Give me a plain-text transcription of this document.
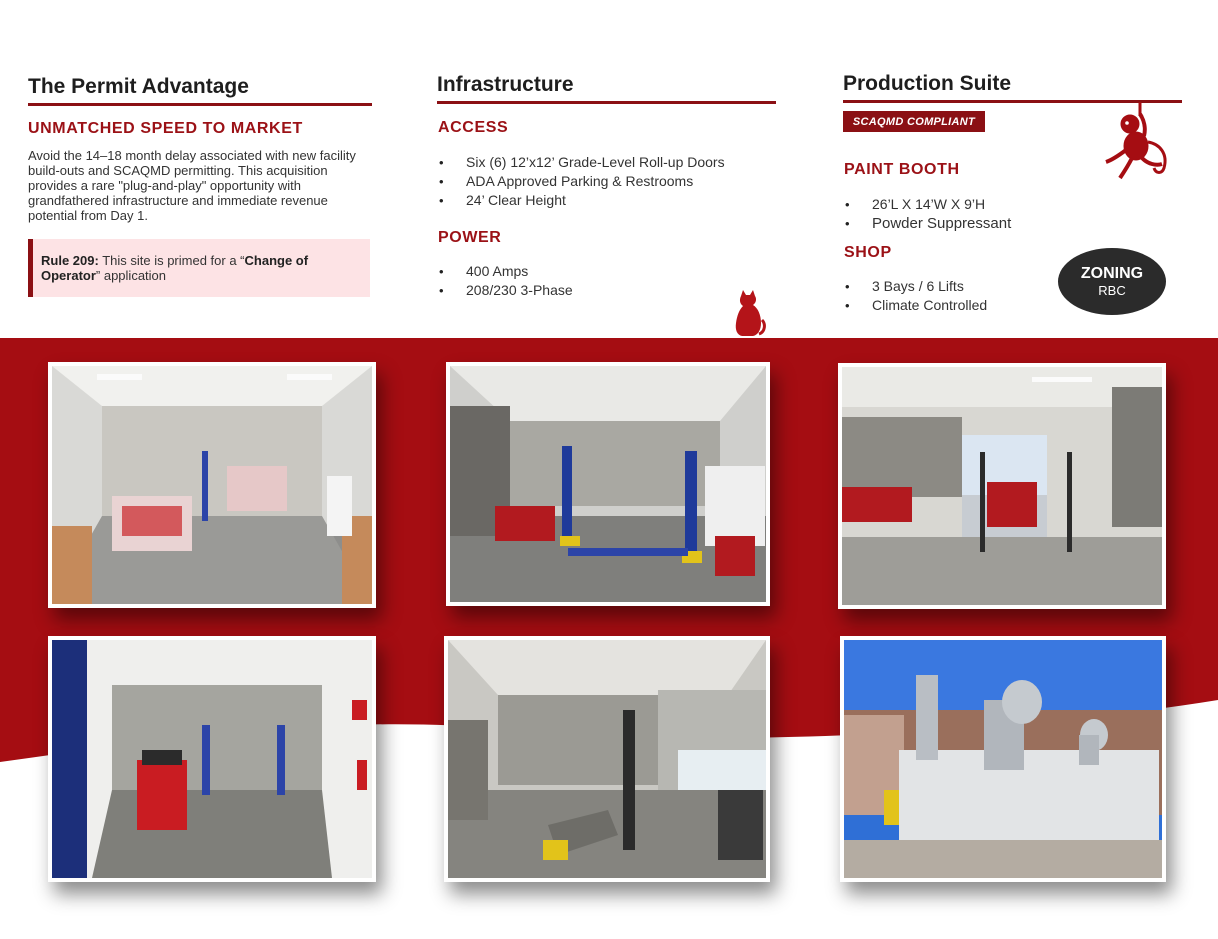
The Permit Advantage
UNMATCHED SPEED TO MARKET
Avoid the 14–18 month delay associated with new facility
build-outs and SCAQMD permitting. This acquisition
provides a rare "plug-and-play" opportunity with
grandfathered infrastructure and immediate revenue
potential from Day 1.
Rule 209: This site is primed for a “Change of
Operator” application
Infrastructure
ACCESS
• Six (6) 12’x12’ Grade-Level Roll-up Doors
• ADA Approved Parking & Restrooms
• 24’ Clear Height
POWER
• 400 Amps
• 208/230 3-Phase
Production Suite
SCAQMD COMPLIANT
PAINT BOOTH
• 26’L X 14’W X 9’H
• Powder Suppressant
SHOP
• 3 Bays / 6 Lifts
• Climate Controlled
ZONING
RBC
